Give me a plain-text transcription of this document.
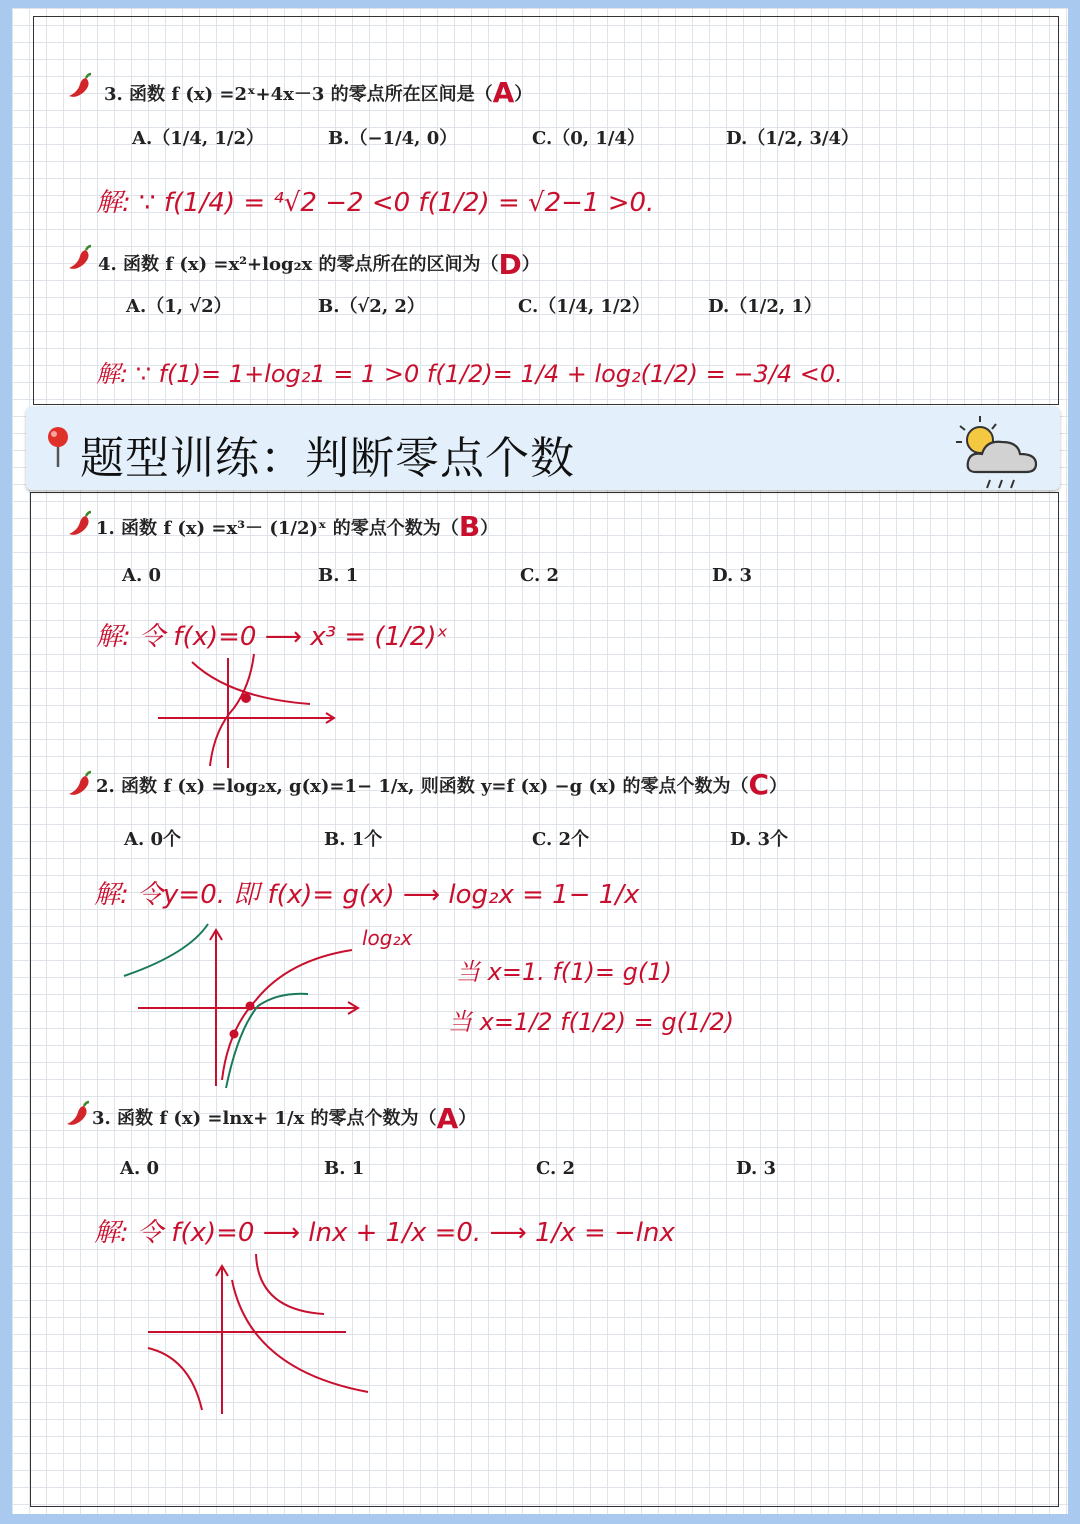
题型训练：判断零点个数
3. 函数 f (x) =2ˣ+4x－3 的零点所在区间是（A）
A.（1/4, 1/2）	B.（−1/4, 0）	C.（0, 1/4）	D.（1/2, 3/4）
解: ∵ f(1/4) = ⁴√2 −2 <0 f(1/2) = √2−1 >0.
4. 函数 f (x) =x²+log₂x 的零点所在的区间为（D）
A.（1, √2）	B.（√2, 2）	C.（1/4, 1/2）	D.（1/2, 1）
解: ∵ f(1)= 1+log₂1 = 1 >0 f(1/2)= 1/4 + log₂(1/2) = −3/4 <0.
1. 函数 f (x) =x³－ (1/2)ˣ 的零点个数为（B）
A. 0	B. 1	C. 2	D. 3
解: 令 f(x)=0 ⟶ x³ = (1/2)ˣ
2. 函数 f (x) =log₂x, g(x)=1− 1/x, 则函数 y=f (x) −g (x) 的零点个数为（C）
A. 0个	B. 1个	C. 2个	D. 3个
解: 令y=0. 即 f(x)= g(x) ⟶ log₂x = 1− 1/x
log₂x
当 x=1. f(1)= g(1)
当 x=1/2 f(1/2) = g(1/2)
3. 函数 f (x) =lnx+ 1/x 的零点个数为（A）
A. 0	B. 1	C. 2	D. 3
解: 令 f(x)=0 ⟶ lnx + 1/x =0. ⟶ 1/x = −lnx
